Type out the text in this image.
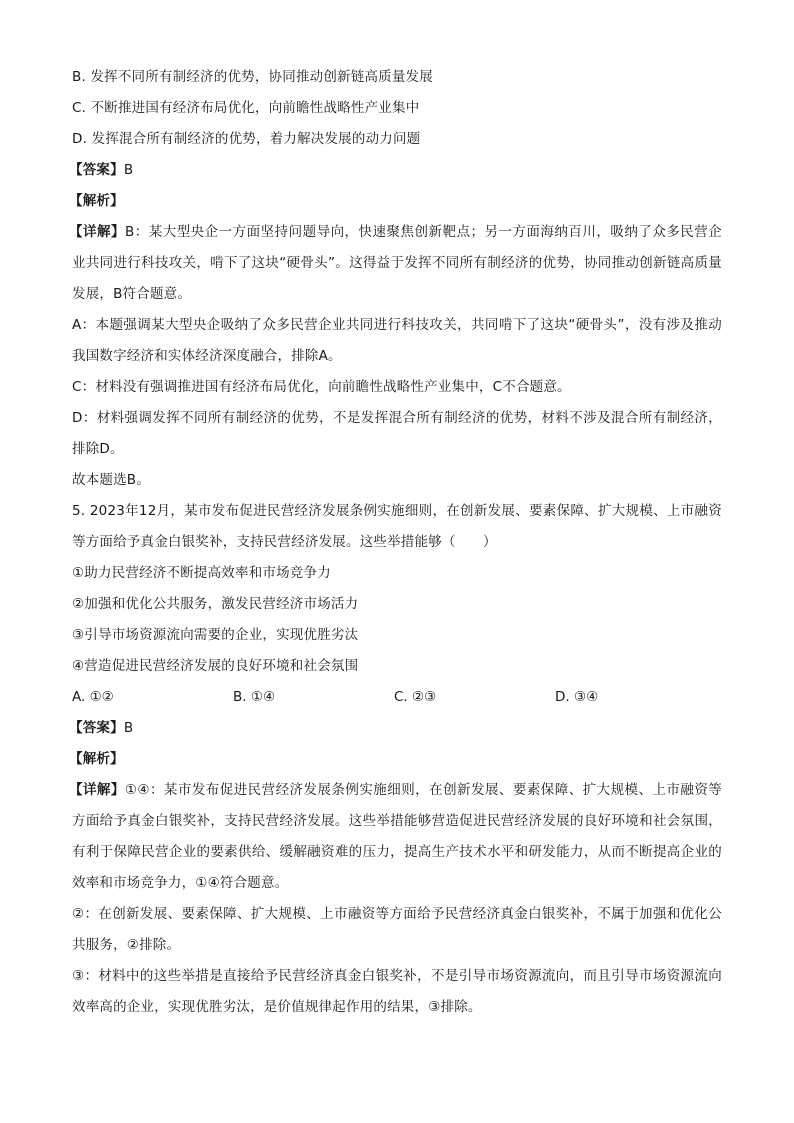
B. 发挥不同所有制经济的优势，协同推动创新链高质量发展
C. 不断推进国有经济布局优化，向前瞻性战略性产业集中
D. 发挥混合所有制经济的优势，着力解决发展的动力问题
【答案】B
【解析】
【详解】B：某大型央企一方面坚持问题导向，快速聚焦创新靶点；另一方面海纳百川，吸纳了众多民营企业共同进行科技攻关，啃下了这块“硬骨头”。这得益于发挥不同所有制经济的优势，协同推动创新链高质量发展，B符合题意。
A：本题强调某大型央企吸纳了众多民营企业共同进行科技攻关，共同啃下了这块“硬骨头”，没有涉及推动我国数字经济和实体经济深度融合，排除A。
C：材料没有强调推进国有经济布局优化，向前瞻性战略性产业集中，C不合题意。
D：材料强调发挥不同所有制经济的优势，不是发挥混合所有制经济的优势，材料不涉及混合所有制经济，排除D。
故本题选B。
5. 2023年12月，某市发布促进民营经济发展条例实施细则，在创新发展、要素保障、扩大规模、上市融资等方面给予真金白银奖补，支持民营经济发展。这些举措能够（　　）
①助力民营经济不断提高效率和市场竞争力
②加强和优化公共服务，激发民营经济市场活力
③引导市场资源流向需要的企业，实现优胜劣汰
④营造促进民营经济发展的良好环境和社会氛围
A. ①②	B. ①④	C. ②③	D. ③④
【答案】B
【解析】
【详解】①④：某市发布促进民营经济发展条例实施细则，在创新发展、要素保障、扩大规模、上市融资等方面给予真金白银奖补，支持民营经济发展。这些举措能够营造促进民营经济发展的良好环境和社会氛围，有利于保障民营企业的要素供给、缓解融资难的压力，提高生产技术水平和研发能力，从而不断提高企业的效率和市场竞争力，①④符合题意。
②：在创新发展、要素保障、扩大规模、上市融资等方面给予民营经济真金白银奖补，不属于加强和优化公共服务，②排除。
③：材料中的这些举措是直接给予民营经济真金白银奖补，不是引导市场资源流向，而且引导市场资源流向效率高的企业，实现优胜劣汰，是价值规律起作用的结果，③排除。
